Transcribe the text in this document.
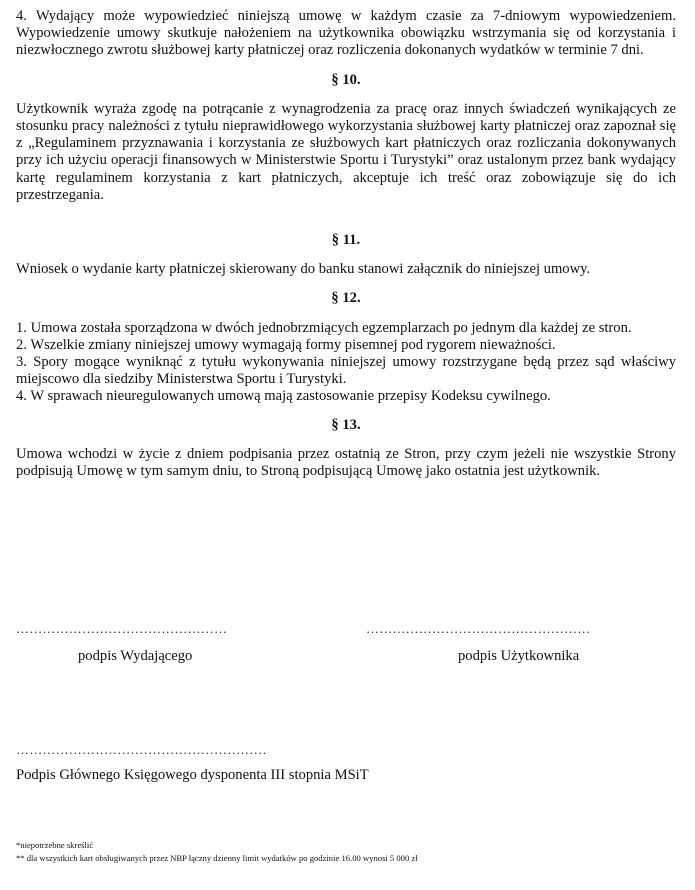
4. Wydający może wypowiedzieć niniejszą umowę w każdym czasie za 7-dniowym wypowiedzeniem. Wypowiedzenie umowy skutkuje nałożeniem na użytkownika obowiązku wstrzymania się od korzystania i niezwłocznego zwrotu służbowej karty płatniczej oraz rozliczenia dokonanych wydatków w terminie 7 dni.

§ 10.

Użytkownik wyraża zgodę na potrącanie z wynagrodzenia za pracę oraz innych świadczeń wynikających ze stosunku pracy należności z tytułu nieprawidłowego wykorzystania służbowej karty płatniczej oraz zapoznał się z „Regulaminem przyznawania i korzystania ze służbowych kart płatniczych oraz rozliczania dokonywanych przy ich użyciu operacji finansowych w Ministerstwie Sportu i Turystyki” oraz ustalonym przez bank wydający kartę regulaminem korzystania z kart płatniczych, akceptuje ich treść oraz zobowiązuje się do ich przestrzegania.

§ 11.

Wniosek o wydanie karty płatniczej skierowany do banku stanowi załącznik do niniejszej umowy.

§ 12.

1. Umowa została sporządzona w dwóch jednobrzmiących egzemplarzach po jednym dla każdej ze stron.

2. Wszelkie zmiany niniejszej umowy wymagają formy pisemnej pod rygorem nieważności.

3. Spory mogące wyniknąć z tytułu wykonywania niniejszej umowy rozstrzygane będą przez sąd właściwy miejscowo dla siedziby Ministerstwa Sportu i Turystyki.

4. W sprawach nieuregulowanych umową mają zastosowanie przepisy Kodeksu cywilnego.

§ 13.

Umowa wchodzi w życie z dniem podpisania przez ostatnią ze Stron, przy czym jeżeli nie wszystkie Strony podpisują Umowę w tym samym dniu, to Stroną podpisującą Umowę jako ostatnia jest użytkownik.

…………………………………………	……………………………………………
podpis Wydającego	podpis Użytkownika
…………………………………………………
Podpis Głównego Księgowego dysponenta III stopnia MSiT

*niepotrzebne skreślić

** dla wszystkich kart obsługiwanych przez NBP łączny dzienny limit wydatków po godzinie 16.00 wynosi 5 000 zł
